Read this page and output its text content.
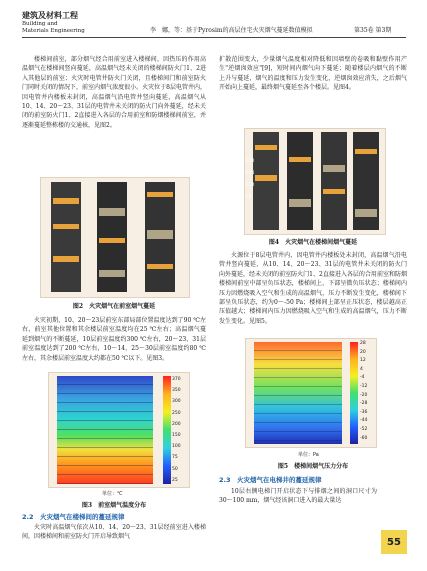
建筑及材料工程
Building and
Materials Engineering	李　娜，等：基于Pyrosim的高层住宅火灾烟气蔓延数值模拟	第35卷 第3期

楼梯间前室，部分烟气经合用前室进入楼梯间，因热压的作用高温烟气在楼梯间竖向蔓延，高温烟气经未关闭的楼梯间防火门1、2进入其他层的前室；火灾时电管井防火门关闭，且楼梯间门和前室防火门同时关闭的情况下，前室内烟气浓度很小。火灾位于8层电管井内，因电管井内楼板未封闭，高温烟气沿电管井竖向蔓延，高温烟气从10、14、20～23、31层的电管井未关闭的防火门向外蔓延，经未关闭的前室防火门1、2直接进入各层的合用前室和防烟楼梯间前室，并逐渐蔓延整栋楼的交通核，见图2。

图2　火灾烟气在前室烟气蔓延

火灾初期，10、20～23层前室东部局部位置温度达到了90 ℃左右，前室其他位置和其余楼层前室温度均在25 ℃左右；高温烟气蔓延到烟气的不断蔓延，10层前室温度约300 ℃左右，20～23、31层前室温度达到了200 ℃左右，10～14、25～30层前室温度约80 ℃左右，其余楼层前室温度大约都在50 ℃以下。见图3。

370
350
300
250
200
150
100
75
50
25
单位：℃
图3　前室烟气温度分布
2.2　火灾烟气在楼梯间的蔓延规律

火灾时高温烟气依次从10、14、20～23、31层经前室进入楼梯间，因楼梯间和前室防火门开启导致烟气

扩散范围变大，少量烟气温度相对降低和因墙壁的卷吸和黏壁作用产生"逆烟囱效应"[9]，短时间内烟气向下蔓延；随着楼层内烟气的不断上升与蔓延，烟气的温度和压力发生变化，逆烟囱效应消失，之后烟气开始向上蔓延，最终烟气蔓延至各个楼层。见图4。

F20
F14
F10
F8
图4　火灾烟气在楼梯间烟气蔓延

火源位于8层电管井内，因电管井内楼板处未封闭，高温烟气沿电管井竖向蔓延，从10、14、20～23、31层的电管井未关闭的防火门向外蔓延，经未关闭的前室防火门1、2直接进入各层的合用前室和防烟楼梯间前室中部呈负压状态，楼梯间上、下部呈微负压状态；楼梯间内压力因燃烧吸入空气和生成的高温烟气，压力不断发生变化，楼梯间下部呈负压状态，约为0～-50 Pa；楼梯间上部呈正压状态，楼层越高正压值越大；楼梯间内压力因燃烧吸入空气和生成的高温烟气，压力不断发生变化。见图5。

28
20
12
4
-4
-12
-20
-28
-36
-44
-52
-60
单位：Pa
图5　楼梯间烟气压力分布
2.3　火灾烟气在电梯井的蔓延规律

10层右侧电梯门开启状态下与排烟之间的洞口尺寸为30～100 mm，烟气经该洞口进入的最大量达

55
